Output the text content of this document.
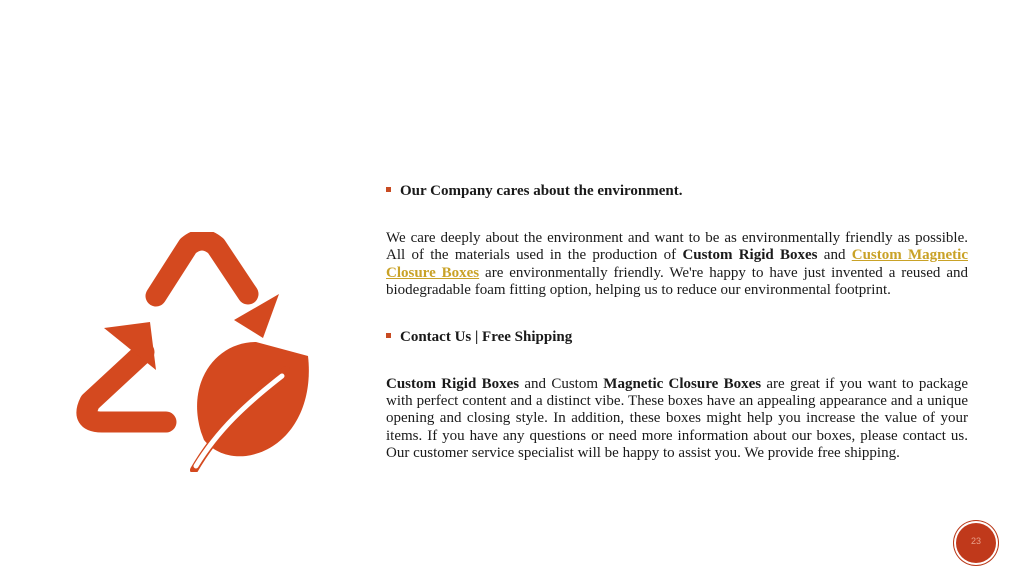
Our Company cares about the environment.

We care deeply about the environment and want to be as environmentally friendly as possible. All of the materials used in the production of Custom Rigid Boxes and Custom Magnetic Closure Boxes are environmentally friendly. We're happy to have just invented a reused and biodegradable foam fitting option, helping us to reduce our environmental footprint.

Contact Us | Free Shipping

Custom Rigid Boxes and Custom Magnetic Closure Boxes are great if you want to package with perfect content and a distinct vibe. These boxes have an appealing appearance and a unique opening and closing style. In addition, these boxes might help you increase the value of your items. If you have any questions or need more information about our boxes, please contact us. Our customer service specialist will be happy to assist you. We provide free shipping.

23
